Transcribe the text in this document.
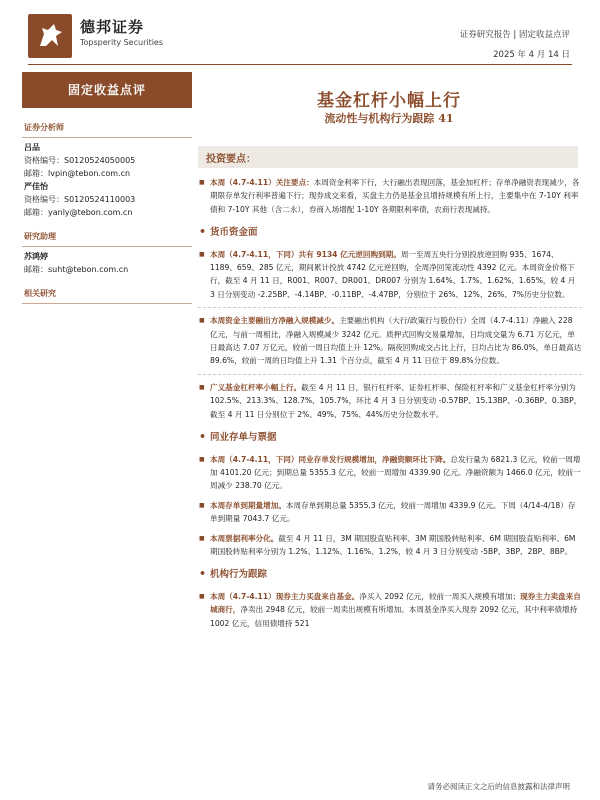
德邦证券
Topsperity Securities
证券研究报告 | 固定收益点评
2025 年 4 月 14 日
固定收益点评
证券分析师
吕品
资格编号：S0120524050005
邮箱：lvpin@tebon.com.cn
严佳怡
资格编号：S0120524110003
邮箱：yanly@tebon.com.cn
研究助理
苏鸿婷
邮箱：suht@tebon.com.cn
相关研究
基金杠杆小幅上行
流动性与机构行为跟踪 41
投资要点：
■ 本周（4.7-4.11）关注要点：本周资金利率下行，大行融出表现回落，基金加杠杆；存单净融资表现减少，各期限存单发行利率普遍下行；现券成交来看，买盘主力仍是基金且增持规模有所上行，主要集中在 7-10Y 利率债和 7-10Y 其他（含二永），券商入场增配 1-10Y 各期限利率债，农商行表现减持。
• 货币资金面
■ 本周（4.7-4.11，下同）共有 9134 亿元逆回购到期。周一至周五央行分别投放逆回购 935、1674、1189、659、285 亿元，期间累计投放 4742 亿元逆回购，全周净回笼流动性 4392 亿元。本周资金价格下行，截至 4 月 11 日，R001、R007、DR001、DR007 分别为 1.64%、1.7%、1.62%、1.65%，较 4 月 3 日分别变动 -2.25BP、-4.14BP、-0.11BP、-4.47BP，分别位于 26%、12%、26%、7%历史分位数。
■ 本周资金主要融出方净融入规模减少。主要融出机构（大行/政策行与股份行）全周（4.7-4.11）净融入 228 亿元，与前一周相比，净融入规模减少 3242 亿元。质押式回购交易量增加，日均成交量为 6.71 万亿元，单日最高达 7.07 万亿元，较前一周日均值上升 12%。隔夜回购成交占比上行，日均占比为 86.0%，单日最高达 89.6%，较前一周的日均值上升 1.31 个百分点，截至 4 月 11 日位于 89.8%分位数。
■ 广义基金杠杆率小幅上行。截至 4 月 11 日，银行杠杆率、证券杠杆率、保险杠杆率和广义基金杠杆率分别为 102.5%、213.3%、128.7%、105.7%，环比 4 月 3 日分别变动 -0.57BP、15.13BP、-0.36BP、0.3BP，截至 4 月 11 日分别位于 2%、49%、75%、44%历史分位数水平。
• 同业存单与票据
■ 本周（4.7-4.11，下同）同业存单发行规模增加，净融资额环比下降。总发行量为 6821.3 亿元，较前一周增加 4101.20 亿元；到期总量 5355.3 亿元，较前一周增加 4339.90 亿元。净融资额为 1466.0 亿元，较前一周减少 238.70 亿元。
■ 本周存单到期量增加。本周存单到期总量 5355.3 亿元，较前一周增加 4339.9 亿元。下周（4/14-4/18）存单到期量 7043.7 亿元。
■ 本周票据利率分化。截至 4 月 11 日，3M 期国股直贴利率、3M 期国股转贴利率、6M 期国股直贴利率、6M 期国股转贴利率分别为 1.2%、1.12%、1.16%、1.2%，较 4 月 3 日分别变动 -5BP、3BP、2BP、8BP。
• 机构行为跟踪
■ 本周（4.7-4.11）现券主力买盘来自基金。净买入 2092 亿元，较前一周买入规模有增加；现券主力卖盘来自城商行，净卖出 2948 亿元，较前一周卖出规模有所增加。本周基金净买入现券 2092 亿元，其中利率债增持 1002 亿元，信用债增持 521
请务必阅读正文之后的信息披露和法律声明
